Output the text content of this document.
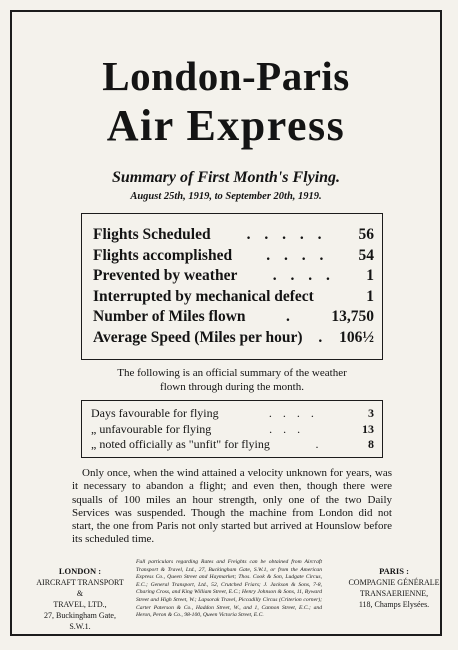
London-Paris
Air Express
Summary of First Month's Flying.
August 25th, 1919, to September 20th, 1919.
Flights Scheduled	. . . . .	56
Flights accomplished	. . . .	54
Prevented by weather	. . . .	1
Interrupted by mechanical defect	1
Number of Miles flown	.	13,750
Average Speed (Miles per hour)	. 106½
The following is an official summary of the weather flown through during the month.
Days favourable for flying	. . . .	3
„ unfavourable for flying	. . .	13
„ noted officially as "unfit" for flying	.	8
Only once, when the wind attained a velocity unknown for years, was it necessary to abandon a flight; and even then, though there were squalls of 100 miles an hour strength, only one of the two Daily Services was suspended. Though the machine from London did not start, the one from Paris not only started but arrived at Hounslow before its scheduled time.
LONDON :
AIRCRAFT TRANSPORT &
TRAVEL, LTD.,
27, Buckingham Gate, S.W.1.
Full particulars regarding Rates and Freights can be obtained from Aircraft Transport & Travel, Ltd., 27, Buckingham Gate, S.W.1, or from the American Express Co., Queen Street and Haymarket; Thos. Cook & Son, Ludgate Circus, E.C.; General Transport, Ltd., 52, Crutched Friars; J. Jackson & Sons, 7-8, Charing Cross, and King William Street, E.C.; Henry Johnson & Sons, 11, Byward Street and High Street, W.; Lapsorak Travel, Piccadilly Circus (Criterion corner); Carter Paterson & Co., Haddon Street, W., and 1, Cannon Street, E.C.; and Heron, Peron & Co., 98-100, Queen Victoria Street, E.C.
PARIS :
COMPAGNIE GÉNÉRALE
TRANSAERIENNE,
118, Champs Elysées.
